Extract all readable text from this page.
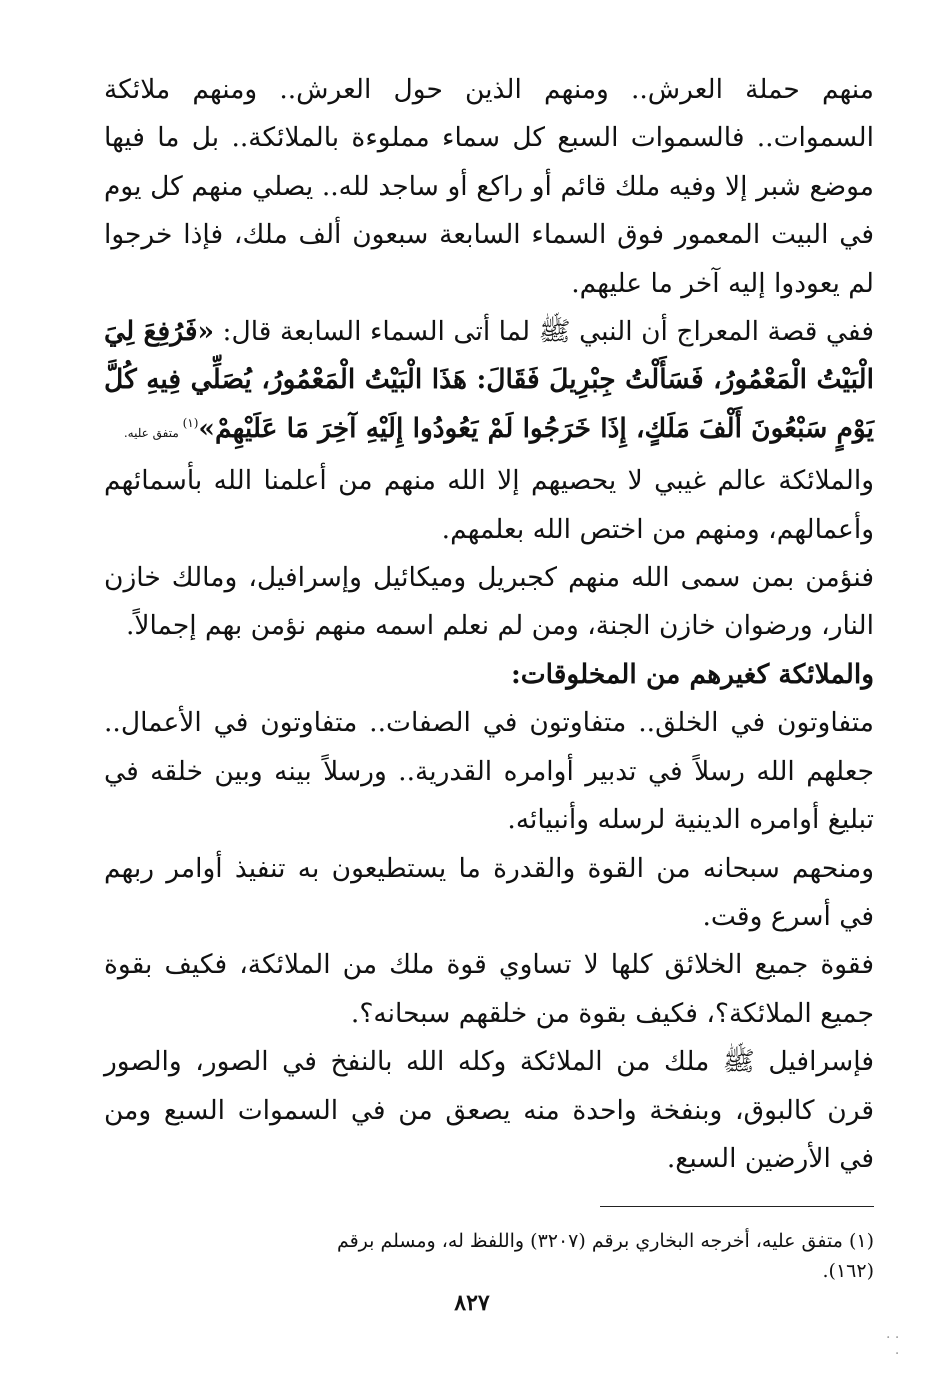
منهم حملة العرش.. ومنهم الذين حول العرش.. ومنهم ملائكة السموات.. فالسموات السبع كل سماء مملوءة بالملائكة.. بل ما فيها موضع شبر إلا وفيه ملك قائم أو راكع أو ساجد لله.. يصلي منهم كل يوم في البيت المعمور فوق السماء السابعة سبعون ألف ملك، فإذا خرجوا لم يعودوا إليه آخر ما عليهم.

ففي قصة المعراج أن النبي ﷺ لما أتى السماء السابعة قال: «فَرُفِعَ لِيَ الْبَيْتُ الْمَعْمُورُ، فَسَأَلْتُ جِبْرِيلَ فَقَالَ: هَذَا الْبَيْتُ الْمَعْمُورُ، يُصَلِّي فِيهِ كُلَّ يَوْمٍ سَبْعُونَ أَلْفَ مَلَكٍ، إِذَا خَرَجُوا لَمْ يَعُودُوا إِلَيْهِ آخِرَ مَا عَلَيْهِمْ»$^{(١)}$ متفق عليه.

والملائكة عالم غيبي لا يحصيهم إلا الله منهم من أعلمنا الله بأسمائهم وأعمالهم، ومنهم من اختص الله بعلمهم.

فنؤمن بمن سمى الله منهم كجبريل وميكائيل وإسرافيل، ومالك خازن النار، ورضوان خازن الجنة، ومن لم نعلم اسمه منهم نؤمن بهم إجمالاً.

والملائكة كغيرهم من المخلوقات:

متفاوتون في الخلق.. متفاوتون في الصفات.. متفاوتون في الأعمال.. جعلهم الله رسلاً في تدبير أوامره القدرية.. ورسلاً بينه وبين خلقه في تبليغ أوامره الدينية لرسله وأنبيائه.

ومنحهم سبحانه من القوة والقدرة ما يستطيعون به تنفيذ أوامر ربهم في أسرع وقت.

فقوة جميع الخلائق كلها لا تساوي قوة ملك من الملائكة، فكيف بقوة جميع الملائكة؟، فكيف بقوة من خلقهم سبحانه؟.

فإسرافيل ﷺ ملك من الملائكة وكله الله بالنفخ في الصور، والصور قرن كالبوق، وبنفخة واحدة منه يصعق من في السموات السبع ومن في الأرضين السبع.

(١) متفق عليه، أخرجه البخاري برقم (٣٢٠٧) واللفظ له، ومسلم برقم (١٦٢).
٨٢٧
· ·
·
